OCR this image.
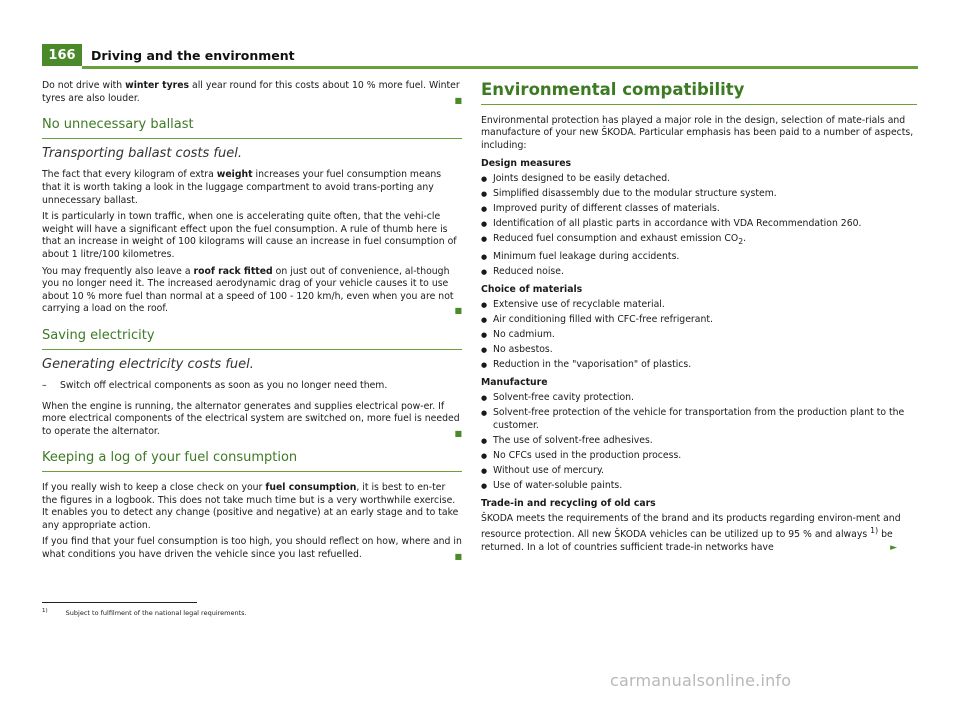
166	Driving and the environment

Do not drive with winter tyres all year round for this costs about 10 % more fuel. Winter tyres are also louder.	■

No unnecessary ballast
Transporting ballast costs fuel.

The fact that every kilogram of extra weight increases your fuel consumption means that it is worth taking a look in the luggage compartment to avoid trans-porting any unnecessary ballast.

It is particularly in town traffic, when one is accelerating quite often, that the vehi-cle weight will have a significant effect upon the fuel consumption. A rule of thumb here is that an increase in weight of 100 kilograms will cause an increase in fuel consumption of about 1 litre/100 kilometres.

You may frequently also leave a roof rack fitted on just out of convenience, al-though you no longer need it. The increased aerodynamic drag of your vehicle causes it to use about 10 % more fuel than normal at a speed of 100 - 120 km/h, even when you are not carrying a load on the roof.	■

Saving electricity
Generating electricity costs fuel.
– Switch off electrical components as soon as you no longer need them.

When the engine is running, the alternator generates and supplies electrical pow-er. If more electrical components of the electrical system are switched on, more fuel is needed to operate the alternator.	■

Keeping a log of your fuel consumption

If you really wish to keep a close check on your fuel consumption, it is best to en-ter the figures in a logbook. This does not take much time but is a very worthwhile exercise. It enables you to detect any change (positive and negative) at an early stage and to take any appropriate action.

If you find that your fuel consumption is too high, you should reflect on how, where and in what conditions you have driven the vehicle since you last refuelled.	■

Environmental compatibility

Environmental protection has played a major role in the design, selection of mate-rials and manufacture of your new ŠKODA. Particular emphasis has been paid to a number of aspects, including:

Design measures
● Joints designed to be easily detached.
● Simplified disassembly due to the modular structure system.
● Improved purity of different classes of materials.
● Identification of all plastic parts in accordance with VDA Recommendation 260.
● Reduced fuel consumption and exhaust emission $CO_2$.
● Minimum fuel leakage during accidents.
● Reduced noise.
Choice of materials
● Extensive use of recyclable material.
● Air conditioning filled with CFC-free refrigerant.
● No cadmium.
● No asbestos.
● Reduction in the "vaporisation" of plastics.
Manufacture
● Solvent-free cavity protection.
● Solvent-free protection of the vehicle for transportation from the production plant to the customer.
● The use of solvent-free adhesives.
● No CFCs used in the production process.
● Without use of mercury.
● Use of water-soluble paints.
Trade-in and recycling of old cars

ŠKODA meets the requirements of the brand and its products regarding environ-ment and resource protection. All new ŠKODA vehicles can be utilized up to 95 % and always $^{1)}$ be returned. In a lot of countries sufficient trade-in networks have	►

$^{1)}$	Subject to fulfilment of the national legal requirements.
carmanualsonline.info
